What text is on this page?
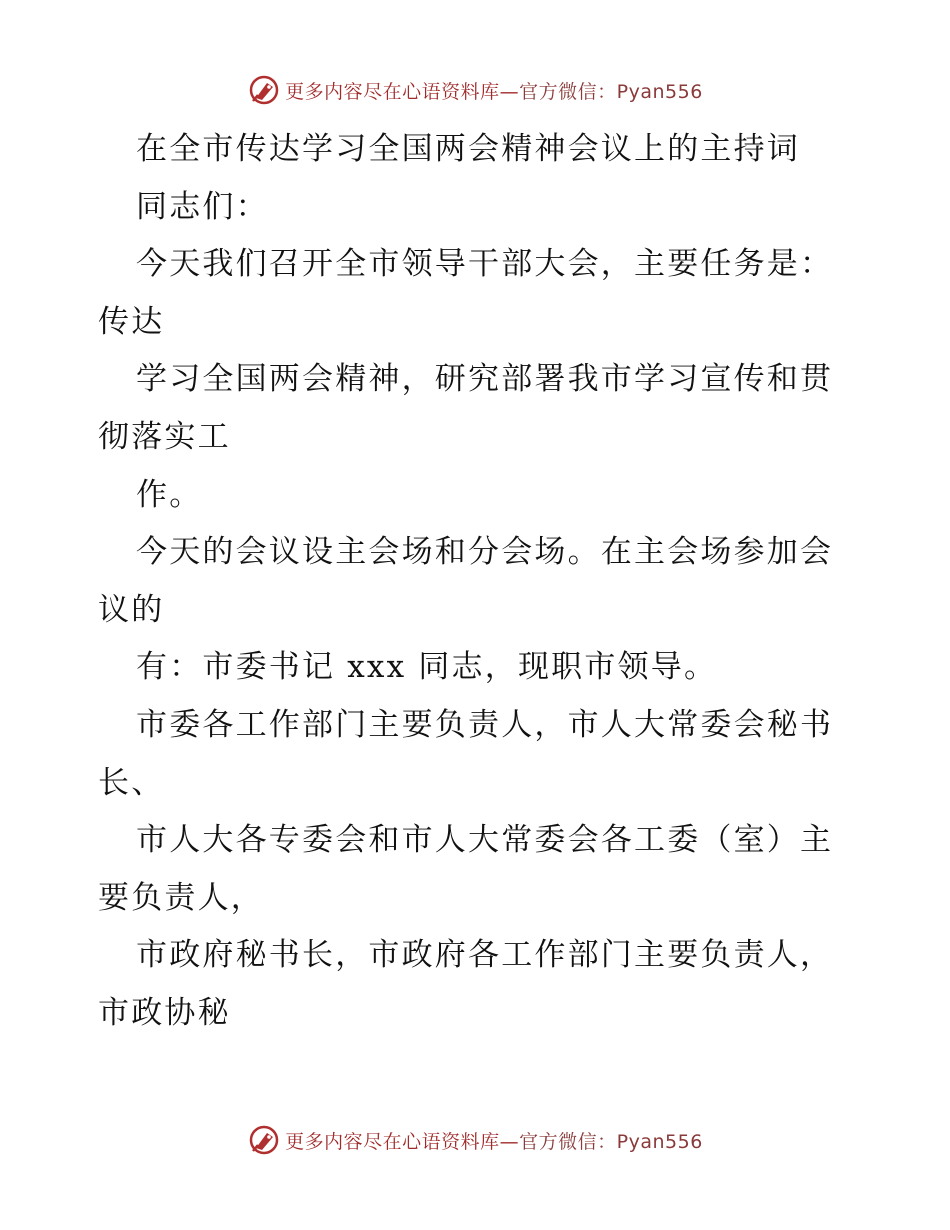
更多内容尽在心语资料库— 官方微信：Pyan556
在全市传达学习全国两会精神会议上的主持词
同志们：
今天我们召开全市领导干部大会，主要任务是：
传达
学习全国两会精神，研究部署我市学习宣传和贯
彻落实工
作。
今天的会议设主会场和分会场。在主会场参加会
议的
有：市委书记 xxx 同志，现职市领导。
市委各工作部门主要负责人，市人大常委会秘书
长、
市人大各专委会和市人大常委会各工委（室）主
要负责人，
市政府秘书长，市政府各工作部门主要负责人，
市政协秘
更多内容尽在心语资料库— 官方微信：Pyan556
